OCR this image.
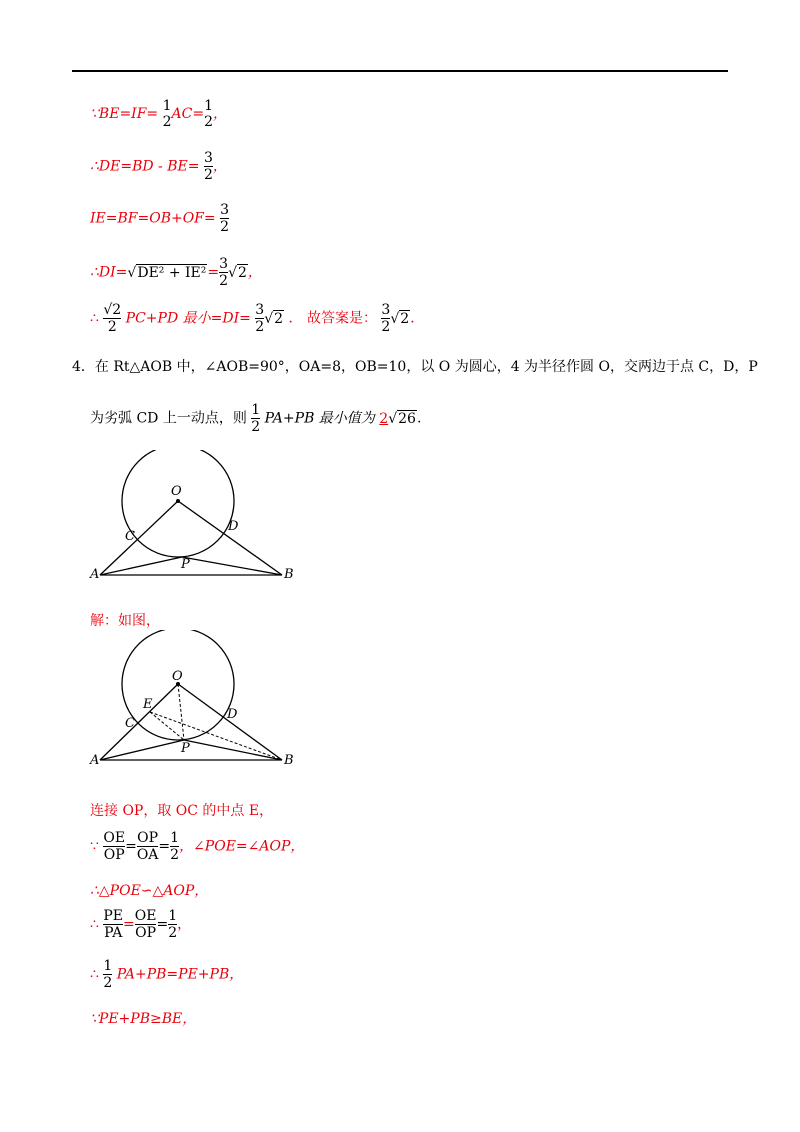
∵BE=IF= 1
2 AC= 1
2 ，
∴DE=BD - $BE= \frac{3}{2}$ ，
$IE=BF=OB+OF= \frac{3}{2}$
∴DI=√DE² + $IE^2= \frac{3}{2} √2$，
∴ $\frac{√2}{2} PC+PD$ 最小$=DI= \frac{3}{2} √2$ ． 故答案是： $\frac{3}{2} √2$．
4．在 Rt△AOB 中，∠AOB=90°，OA=8，OB=10，以 O 为圆心，4 为半径作圆 O，交两边于点 C，D，P
为劣弧 CD 上一动点，则 $\frac{1}{2} PA+PB$ 最小值为 2√26.
O
C
D
A	B
P
解：如图，
O
E
C
D
A	B
P
连接 OP，取 OC 的中点 E，
∵ $\frac{OE}{OP} = \frac{OP}{OA} = \frac{1}{2}$ ，∠POE=∠AOP，
∴△POE∽△AOP，
∴ $\frac{PE}{PA} = \frac{OE}{OP} = \frac{1}{2}$ ，
∴ $\frac{1}{2} PA+PB=PE+PB$，
∵PE+PB≥BE，
